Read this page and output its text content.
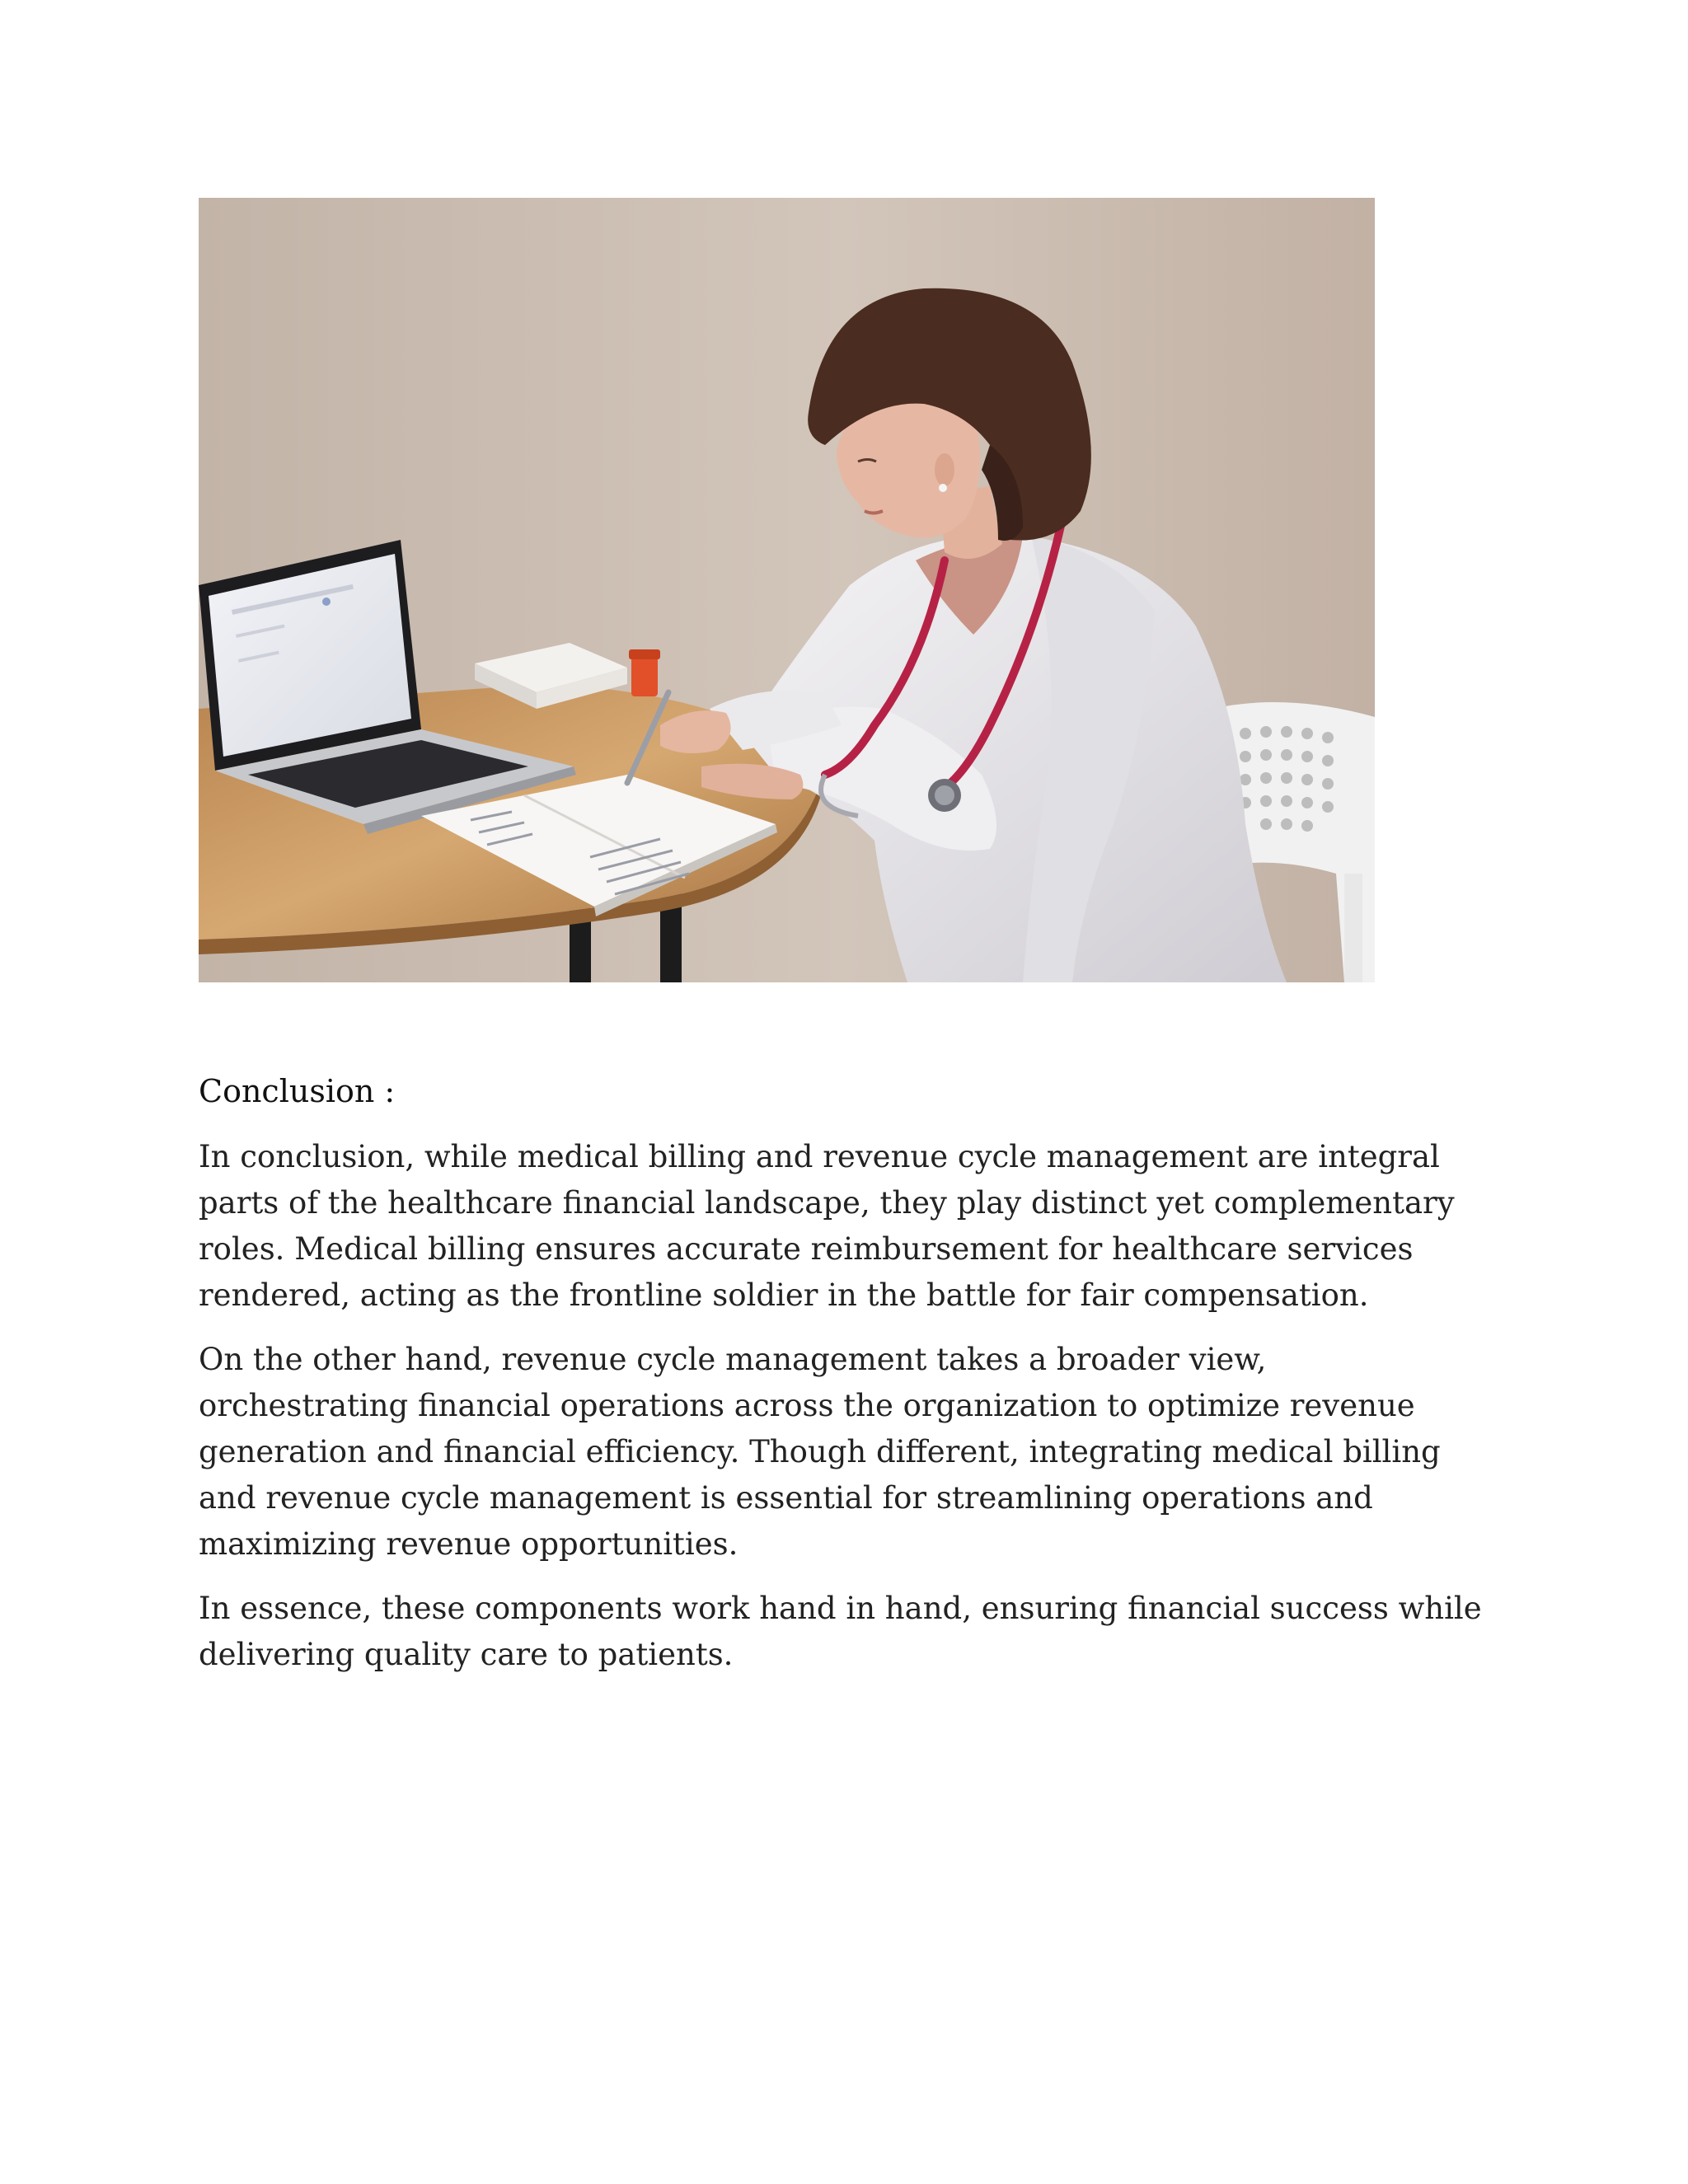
Conclusion :

In conclusion, while medical billing and revenue cycle management are integral parts of the healthcare financial landscape, they play distinct yet complementary roles. Medical billing ensures accurate reimbursement for healthcare services rendered, acting as the frontline soldier in the battle for fair compensation.

On the other hand, revenue cycle management takes a broader view, orchestrating financial operations across the organization to optimize revenue generation and financial efficiency. Though different, integrating medical billing and revenue cycle management is essential for streamlining operations and maximizing revenue opportunities.

In essence, these components work hand in hand, ensuring financial success while delivering quality care to patients.
